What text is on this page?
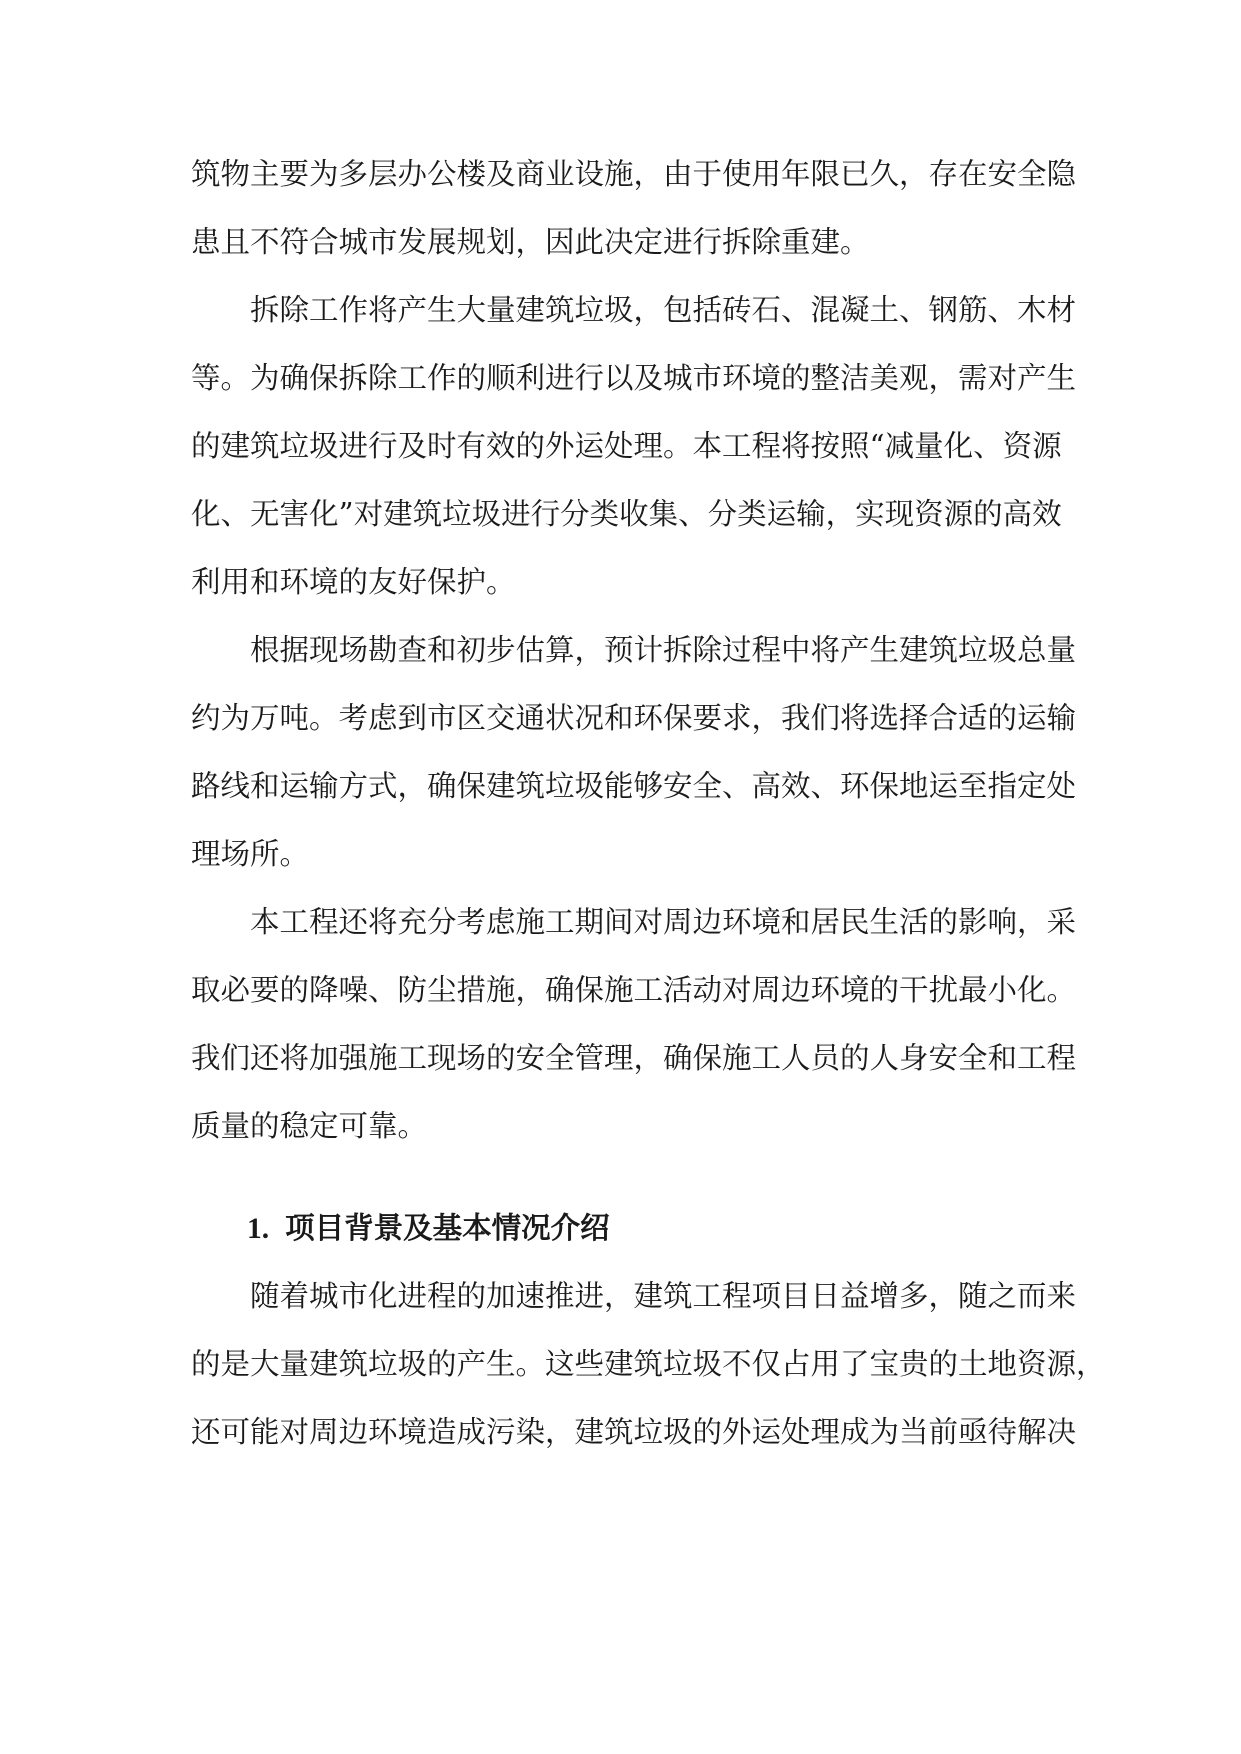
筑物主要为多层办公楼及商业设施，由于使用年限已久，存在安全隐
患且不符合城市发展规划，因此决定进行拆除重建。
拆除工作将产生大量建筑垃圾，包括砖石、混凝土、钢筋、木材
等。为确保拆除工作的顺利进行以及城市环境的整洁美观，需对产生
的建筑垃圾进行及时有效的外运处理。本工程将按照“减量化、资源
化、无害化”对建筑垃圾进行分类收集、分类运输，实现资源的高效
利用和环境的友好保护。
根据现场勘查和初步估算，预计拆除过程中将产生建筑垃圾总量
约为万吨。考虑到市区交通状况和环保要求，我们将选择合适的运输
路线和运输方式，确保建筑垃圾能够安全、高效、环保地运至指定处
理场所。
本工程还将充分考虑施工期间对周边环境和居民生活的影响，采
取必要的降噪、防尘措施，确保施工活动对周边环境的干扰最小化。
我们还将加强施工现场的安全管理，确保施工人员的人身安全和工程
质量的稳定可靠。
1. 项目背景及基本情况介绍
随着城市化进程的加速推进，建筑工程项目日益增多，随之而来
的是大量建筑垃圾的产生。这些建筑垃圾不仅占用了宝贵的土地资源，
还可能对周边环境造成污染，建筑垃圾的外运处理成为当前亟待解决
